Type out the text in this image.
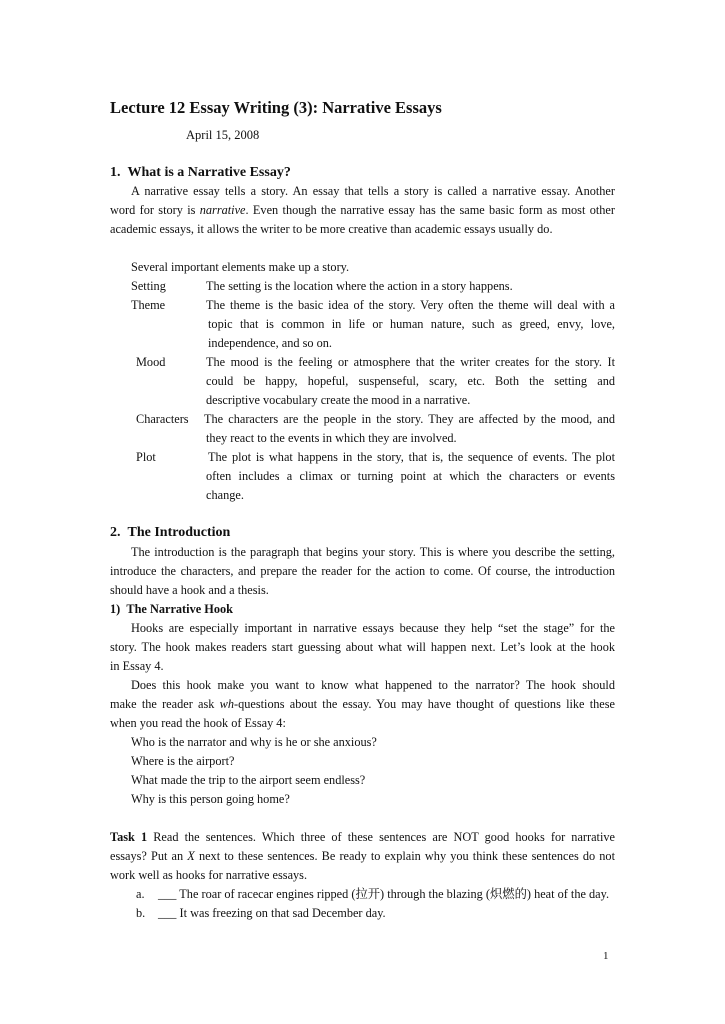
Lecture 12 Essay Writing (3): Narrative Essays
April 15, 2008
1.  What is a Narrative Essay?
A narrative essay tells a story. An essay that tells a story is called a narrative essay. Another
word for story is narrative. Even though the narrative essay has the same basic form as most other
academic essays, it allows the writer to be more creative than academic essays usually do.
Several important elements make up a story.
Setting	The setting is the location where the action in a story happens.
Theme	The theme is the basic idea of the story. Very often the theme will deal with a
topic that is common in life or human nature, such as greed, envy, love,
independence, and so on.
Mood	The mood is the feeling or atmosphere that the writer creates for the story. It
could be happy, hopeful, suspenseful, scary, etc. Both the setting and
descriptive vocabulary create the mood in a narrative.
Characters The characters are the people in the story. They are affected by the mood, and
they react to the events in which they are involved.
Plot	The plot is what happens in the story, that is, the sequence of events. The plot
often includes a climax or turning point at which the characters or events
change.
2.  The Introduction
The introduction is the paragraph that begins your story. This is where you describe the setting,
introduce the characters, and prepare the reader for the action to come. Of course, the introduction
should have a hook and a thesis.
1)  The Narrative Hook
Hooks are especially important in narrative essays because they help “set the stage” for the
story. The hook makes readers start guessing about what will happen next. Let’s look at the hook
in Essay 4.
Does this hook make you want to know what happened to the narrator? The hook should
make the reader ask wh-questions about the essay. You may have thought of questions like these
when you read the hook of Essay 4:
Who is the narrator and why is he or she anxious?
Where is the airport?
What made the trip to the airport seem endless?
Why is this person going home?
Task 1 Read the sentences. Which three of these sentences are NOT good hooks for narrative
essays? Put an X next to these sentences. Be ready to explain why you think these sentences do not
work well as hooks for narrative essays.
a. ___ The roar of racecar engines ripped (拉开) through the blazing (炽燃的) heat of the day.
b. ___ It was freezing on that sad December day.
1
